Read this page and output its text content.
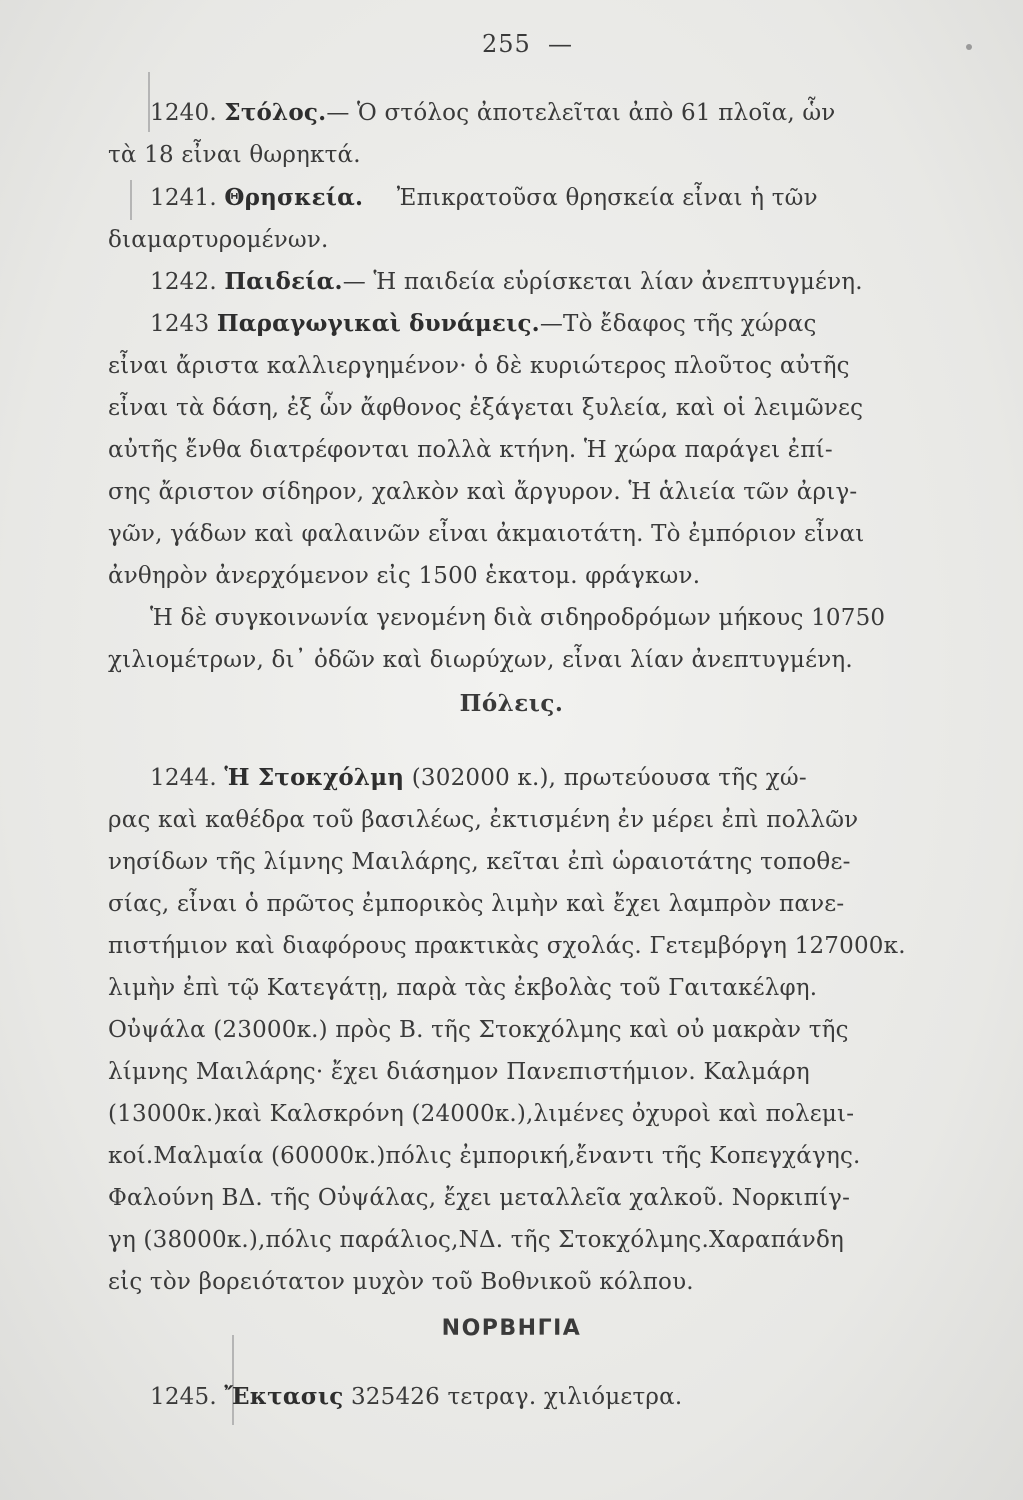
255 —
1240. Στόλος.— Ὁ στόλος ἀποτελεῖται ἀπὸ 61 πλοῖα, ὧν
τὰ 18 εἶναι θωρηκτά.
1241. Θρησκεία. Ἐπικρατοῦσα θρησκεία εἶναι ἡ τῶν
διαμαρτυρομένων.
1242. Παιδεία.— Ἡ παιδεία εὑρίσκεται λίαν ἀνεπτυγμένη.
1243 Παραγωγικαὶ δυνάμεις.—Τὸ ἔδαφος τῆς χώρας
εἶναι ἄριστα καλλιεργημένον· ὁ δὲ κυριώτερος πλοῦτος αὐτῆς
εἶναι τὰ δάση, ἐξ ὧν ἄφθονος ἐξάγεται ξυλεία, καὶ οἱ λειμῶνες
αὐτῆς ἔνθα διατρέφονται πολλὰ κτήνη. Ἡ χώρα παράγει ἐπί-
σης ἄριστον σίδηρον, χαλκὸν καὶ ἄργυρον. Ἡ ἁλιεία τῶν ἀριγ-
γῶν, γάδων καὶ φαλαινῶν εἶναι ἀκμαιοτάτη. Τὸ ἐμπόριον εἶναι
ἀνθηρὸν ἀνερχόμενον εἰς 1500 ἑκατομ. φράγκων.
Ἡ δὲ συγκοινωνία γενομένη διὰ σιδηροδρόμων μήκους 10750
χιλιομέτρων, δι᾽ ὁδῶν καὶ διωρύχων, εἶναι λίαν ἀνεπτυγμένη.
Πόλεις.
1244. Ἡ Στοκχόλμη (302000 κ.), πρωτεύουσα τῆς χώ-
ρας καὶ καθέδρα τοῦ βασιλέως, ἐκτισμένη ἐν μέρει ἐπὶ πολλῶν
νησίδων τῆς λίμνης Μαιλάρης, κεῖται ἐπὶ ὡραιοτάτης τοποθε-
σίας, εἶναι ὁ πρῶτος ἐμπορικὸς λιμὴν καὶ ἔχει λαμπρὸν πανε-
πιστήμιον καὶ διαφόρους πρακτικὰς σχολάς. Γετεμβόργη 127000κ.
λιμὴν ἐπὶ τῷ Κατεγάτῃ, παρὰ τὰς ἐκβολὰς τοῦ Γαιτακέλφη.
Οὐψάλα (23000κ.) πρὸς Β. τῆς Στοκχόλμης καὶ οὐ μακρὰν τῆς
λίμνης Μαιλάρης· ἔχει διάσημον Πανεπιστήμιον. Καλμάρη
(13000κ.)καὶ Καλσκρόνη (24000κ.),λιμένες ὀχυροὶ καὶ πολεμι-
κοί.Μαλμαία (60000κ.)πόλις ἐμπορική,ἔναντι τῆς Κοπεγχάγης.
Φαλούνη ΒΔ. τῆς Οὐψάλας, ἔχει μεταλλεῖα χαλκοῦ. Νορκιπίγ-
γη (38000κ.),πόλις παράλιος,ΝΔ. τῆς Στοκχόλμης.Χαραπάνδη
εἰς τὸν βορειότατον μυχὸν τοῦ Βοθνικοῦ κόλπου.
ΝΟΡΒΗΓΙΑ
1245. Ἔκτασις 325426 τετραγ. χιλιόμετρα.
